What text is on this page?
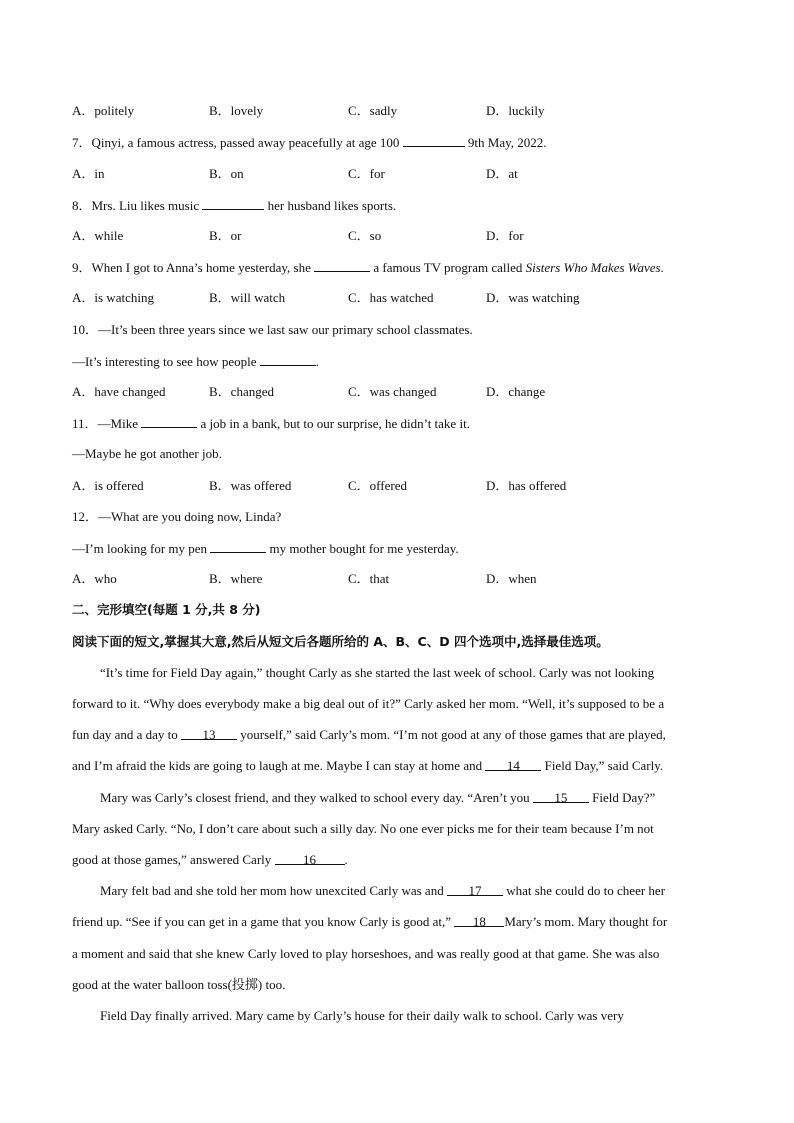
A．politely	B．lovely	C．sadly	D．luckily
7．Qinyi, a famous actress, passed away peacefully at age 100	9th May, 2022.
A．in	B．on	C．for	D．at
8．Mrs. Liu likes music	her husband likes sports.
A．while	B．or	C．so	D．for
9．When I got to Anna’s home yesterday, she	a famous TV program called Sisters Who Makes Waves.
A．is watching	B．will watch	C．has watched	D．was watching
10．—It’s been three years since we last saw our primary school classmates.
—It’s interesting to see how people	.
A．have changed	B．changed	C．was changed	D．change
11．—Mike	a job in a bank, but to our surprise, he didn’t take it.
—Maybe he got another job.
A．is offered	B．was offered	C．offered	D．has offered
12．—What are you doing now, Linda?
—I’m looking for my pen	my mother bought for me yesterday.
A．who	B．where	C．that	D．when
二、完形填空(每题 1 分,共 8 分)
阅读下面的短文,掌握其大意,然后从短文后各题所给的 A、B、C、D 四个选项中,选择最佳选项。
“It’s time for Field Day again,” thought Carly as she started the last week of school. Carly was not looking
forward to it. “Why does everybody make a big deal out of it?” Carly asked her mom. “Well, it’s supposed to be a
fun day and a day to 13 yourself,” said Carly’s mom. “I’m not good at any of those games that are played,
and I’m afraid the kids are going to laugh at me. Maybe I can stay at home and 14 Field Day,” said Carly.
Mary was Carly’s closest friend, and they walked to school every day. “Aren’t you 15 Field Day?”
Mary asked Carly. “No, I don’t care about such a silly day. No one ever picks me for their team because I’m not
good at those games,” answered Carly 16 .
Mary felt bad and she told her mom how unexcited Carly was and 17 what she could do to cheer her
friend up. “See if you can get in a game that you know Carly is good at,” 18 Mary’s mom. Mary thought for
a moment and said that she knew Carly loved to play horseshoes, and was really good at that game. She was also
good at the water balloon toss(投掷) too.
Field Day finally arrived. Mary came by Carly’s house for their daily walk to school. Carly was very
